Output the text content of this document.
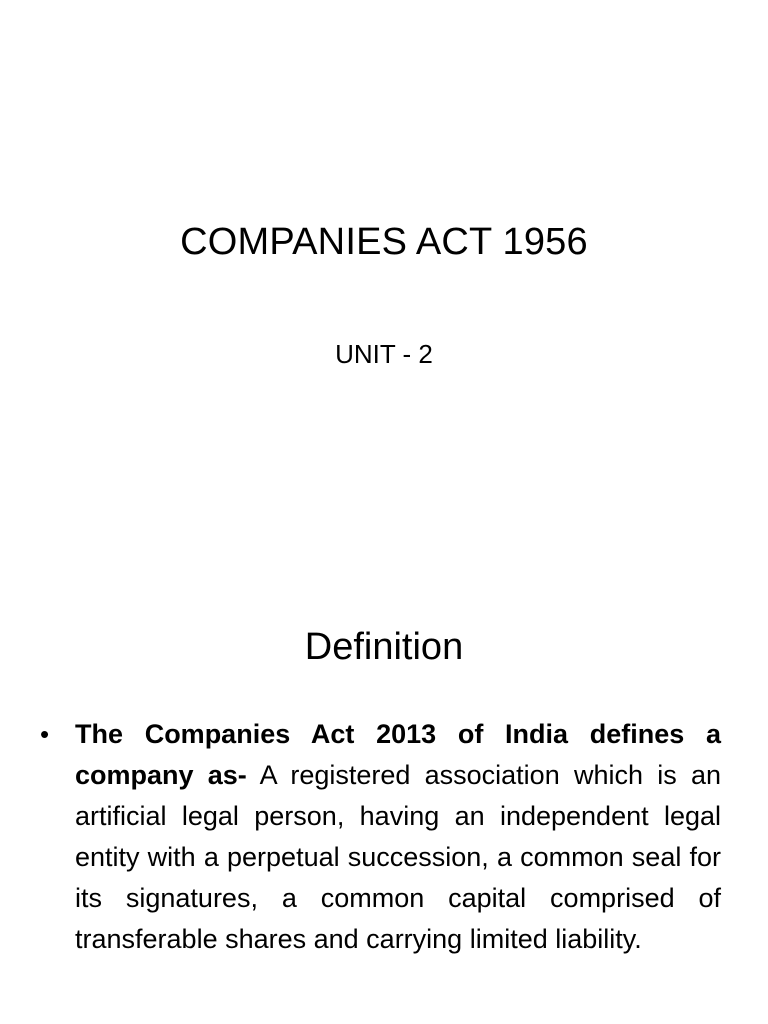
COMPANIES ACT 1956
UNIT - 2
Definition
• The Companies Act 2013 of India defines a company as- A registered association which is an artificial legal person, having an independent legal entity with a perpetual succession, a common seal for its signatures, a common capital comprised of transferable shares and carrying limited liability.
